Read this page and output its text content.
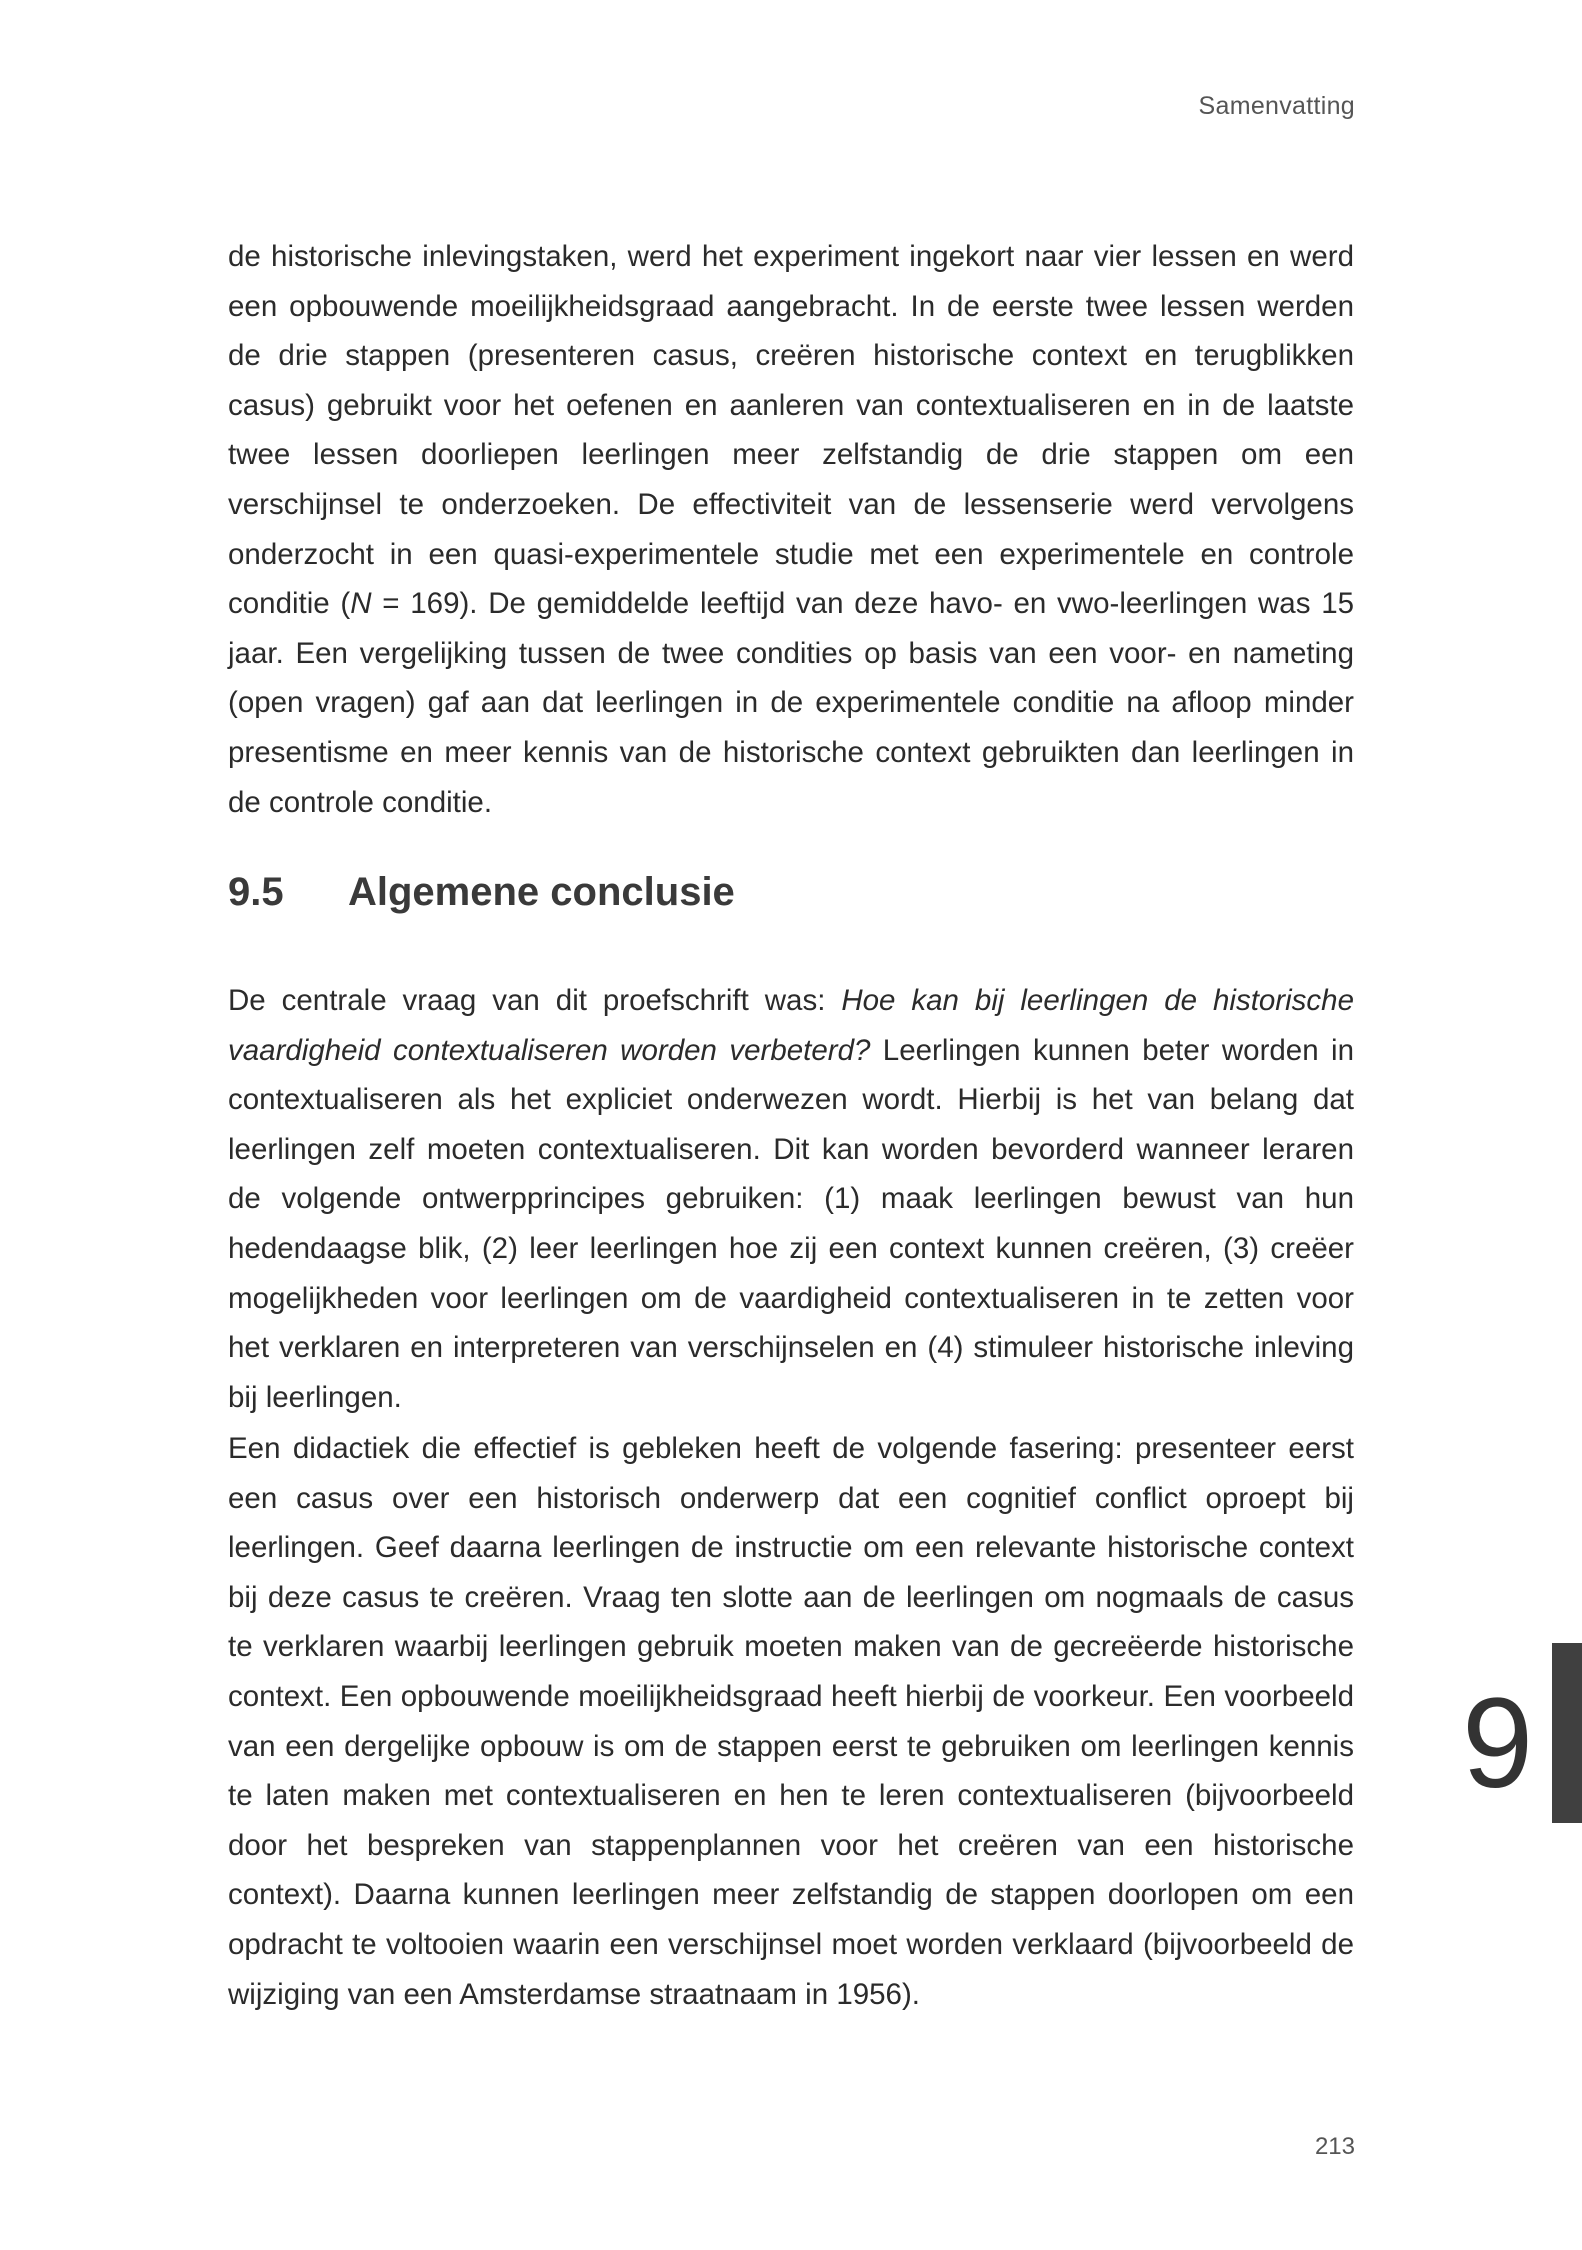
Samenvatting

de historische inlevingstaken, werd het experiment ingekort naar vier lessen en werd een opbouwende moeilijkheidsgraad aangebracht. In de eerste twee lessen werden de drie stappen (presenteren casus, creëren historische context en terugblikken casus) gebruikt voor het oefenen en aanleren van contextualiseren en in de laatste twee lessen doorliepen leerlingen meer zelfstandig de drie stappen om een verschijnsel te onderzoeken. De effectiviteit van de lessenserie werd vervolgens onderzocht in een quasi-experimentele studie met een experimentele en controle conditie (N = 169). De gemiddelde leeftijd van deze havo- en vwo-leerlingen was 15 jaar. Een vergelijking tussen de twee condities op basis van een voor- en nameting (open vragen) gaf aan dat leerlingen in de experimentele conditie na afloop minder presentisme en meer kennis van de historische context gebruikten dan leerlingen in de controle conditie.

9.5 Algemene conclusie

De centrale vraag van dit proefschrift was: Hoe kan bij leerlingen de historische vaardigheid contextualiseren worden verbeterd? Leerlingen kunnen beter worden in contextualiseren als het expliciet onderwezen wordt. Hierbij is het van belang dat leerlingen zelf moeten contextualiseren. Dit kan worden bevorderd wanneer leraren de volgende ontwerpprincipes gebruiken: (1) maak leerlingen bewust van hun hedendaagse blik, (2) leer leerlingen hoe zij een context kunnen creëren, (3) creëer mogelijkheden voor leerlingen om de vaardigheid contextualiseren in te zetten voor het verklaren en interpreteren van verschijnselen en (4) stimuleer historische inleving bij leerlingen.

Een didactiek die effectief is gebleken heeft de volgende fasering: presenteer eerst een casus over een historisch onderwerp dat een cognitief conflict oproept bij leerlingen. Geef daarna leerlingen de instructie om een relevante historische context bij deze casus te creëren. Vraag ten slotte aan de leerlingen om nogmaals de casus te verklaren waarbij leerlingen gebruik moeten maken van de gecreëerde historische context. Een opbouwende moeilijkheidsgraad heeft hierbij de voorkeur. Een voorbeeld van een dergelijke opbouw is om de stappen eerst te gebruiken om leerlingen kennis te laten maken met contextualiseren en hen te leren contextualiseren (bijvoorbeeld door het bespreken van stappenplannen voor het creëren van een historische context). Daarna kunnen leerlingen meer zelfstandig de stappen doorlopen om een opdracht te voltooien waarin een verschijnsel moet worden verklaard (bijvoorbeeld de wijziging van een Amsterdamse straatnaam in 1956).

9
213
